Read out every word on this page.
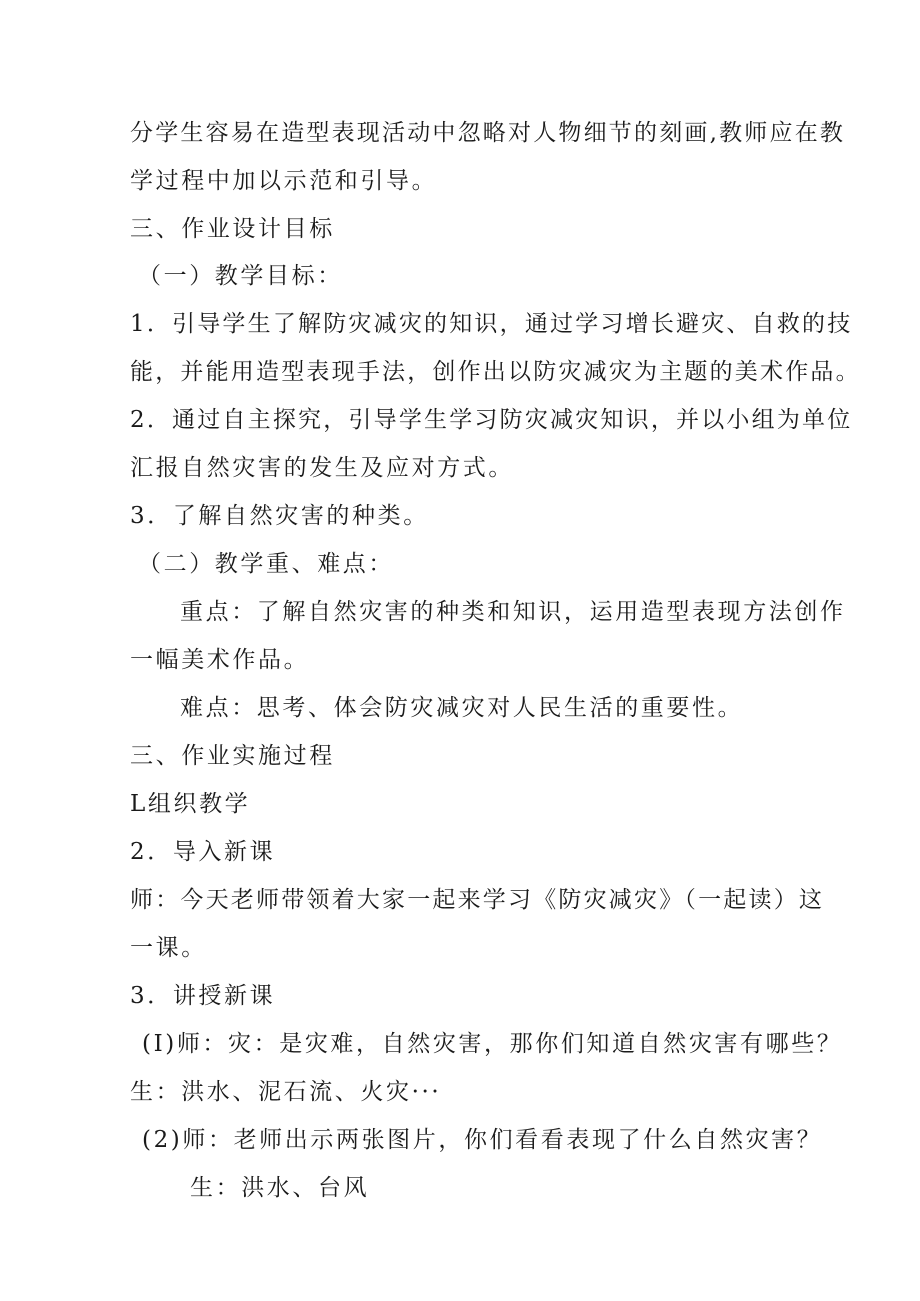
分学生容易在造型表现活动中忽略对人物细节的刻画,教师应在教
学过程中加以示范和引导。
三、作业设计目标
（一）教学目标：
1．引导学生了解防灾减灾的知识，通过学习增长避灾、自救的技
能，并能用造型表现手法，创作出以防灾减灾为主题的美术作品。
2．通过自主探究，引导学生学习防灾减灾知识，并以小组为单位
汇报自然灾害的发生及应对方式。
3．了解自然灾害的种类。
（二）教学重、难点：
重点：了解自然灾害的种类和知识，运用造型表现方法创作
一幅美术作品。
难点：思考、体会防灾减灾对人民生活的重要性。
三、作业实施过程
L组织教学
2．导入新课
师：今天老师带领着大家一起来学习《防灾减灾》（一起读）这
一课。
3．讲授新课
(I)师：灾：是灾难，自然灾害，那你们知道自然灾害有哪些？
生：洪水、泥石流、火灾···
(2)师：老师出示两张图片，你们看看表现了什么自然灾害？
生：洪水、台风
